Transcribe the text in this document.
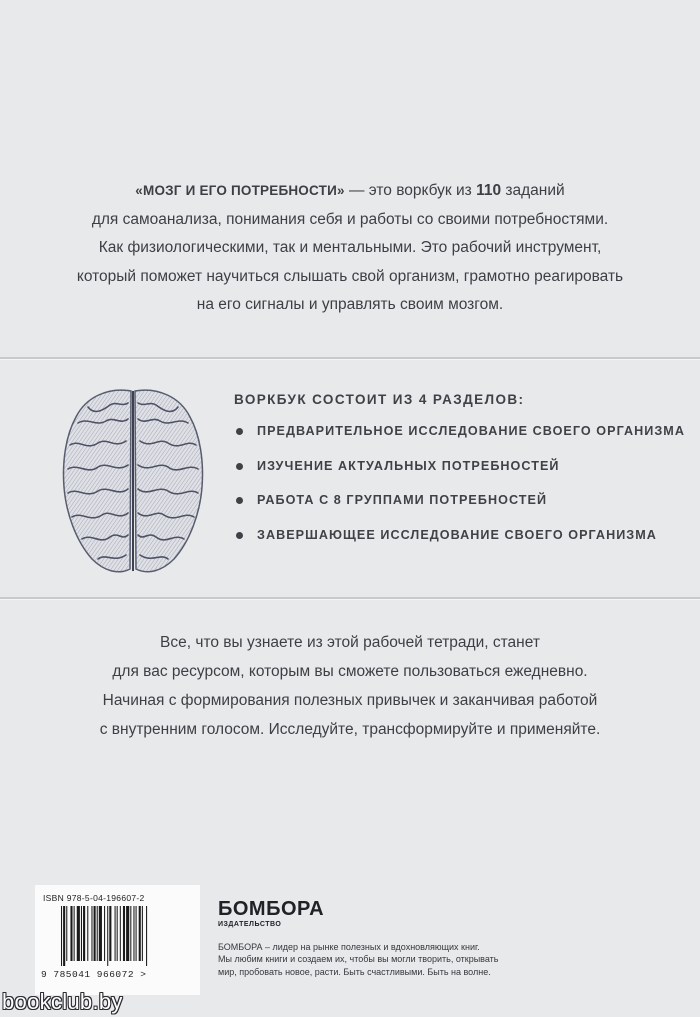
«МОЗГ И ЕГО ПОТРЕБНОСТИ» — это воркбук из 110 заданий
для самоанализа, понимания себя и работы со своими потребностями.
Как физиологическими, так и ментальными. Это рабочий инструмент,
который поможет научиться слышать свой организм, грамотно реагировать
на его сигналы и управлять своим мозгом.
ВОРКБУК СОСТОИТ ИЗ 4 РАЗДЕЛОВ:
ПРЕДВАРИТЕЛЬНОЕ ИССЛЕДОВАНИЕ СВОЕГО ОРГАНИЗМА
ИЗУЧЕНИЕ АКТУАЛЬНЫХ ПОТРЕБНОСТЕЙ
РАБОТА С 8 ГРУППАМИ ПОТРЕБНОСТЕЙ
ЗАВЕРШАЮЩЕЕ ИССЛЕДОВАНИЕ СВОЕГО ОРГАНИЗМА
Все, что вы узнаете из этой рабочей тетради, станет
для вас ресурсом, которым вы сможете пользоваться ежедневно.
Начиная с формирования полезных привычек и заканчивая работой
с внутренним голосом. Исследуйте, трансформируйте и применяйте.
ISBN 978-5-04-196607-2
9 785041 966072 >
БОМБОРА
ИЗДАТЕЛЬСТВО
БОМБОРА – лидер на рынке полезных и вдохновляющих книг.
Мы любим книги и создаем их, чтобы вы могли творить, открывать
мир, пробовать новое, расти. Быть счастливыми. Быть на волне.
bookclub.by
